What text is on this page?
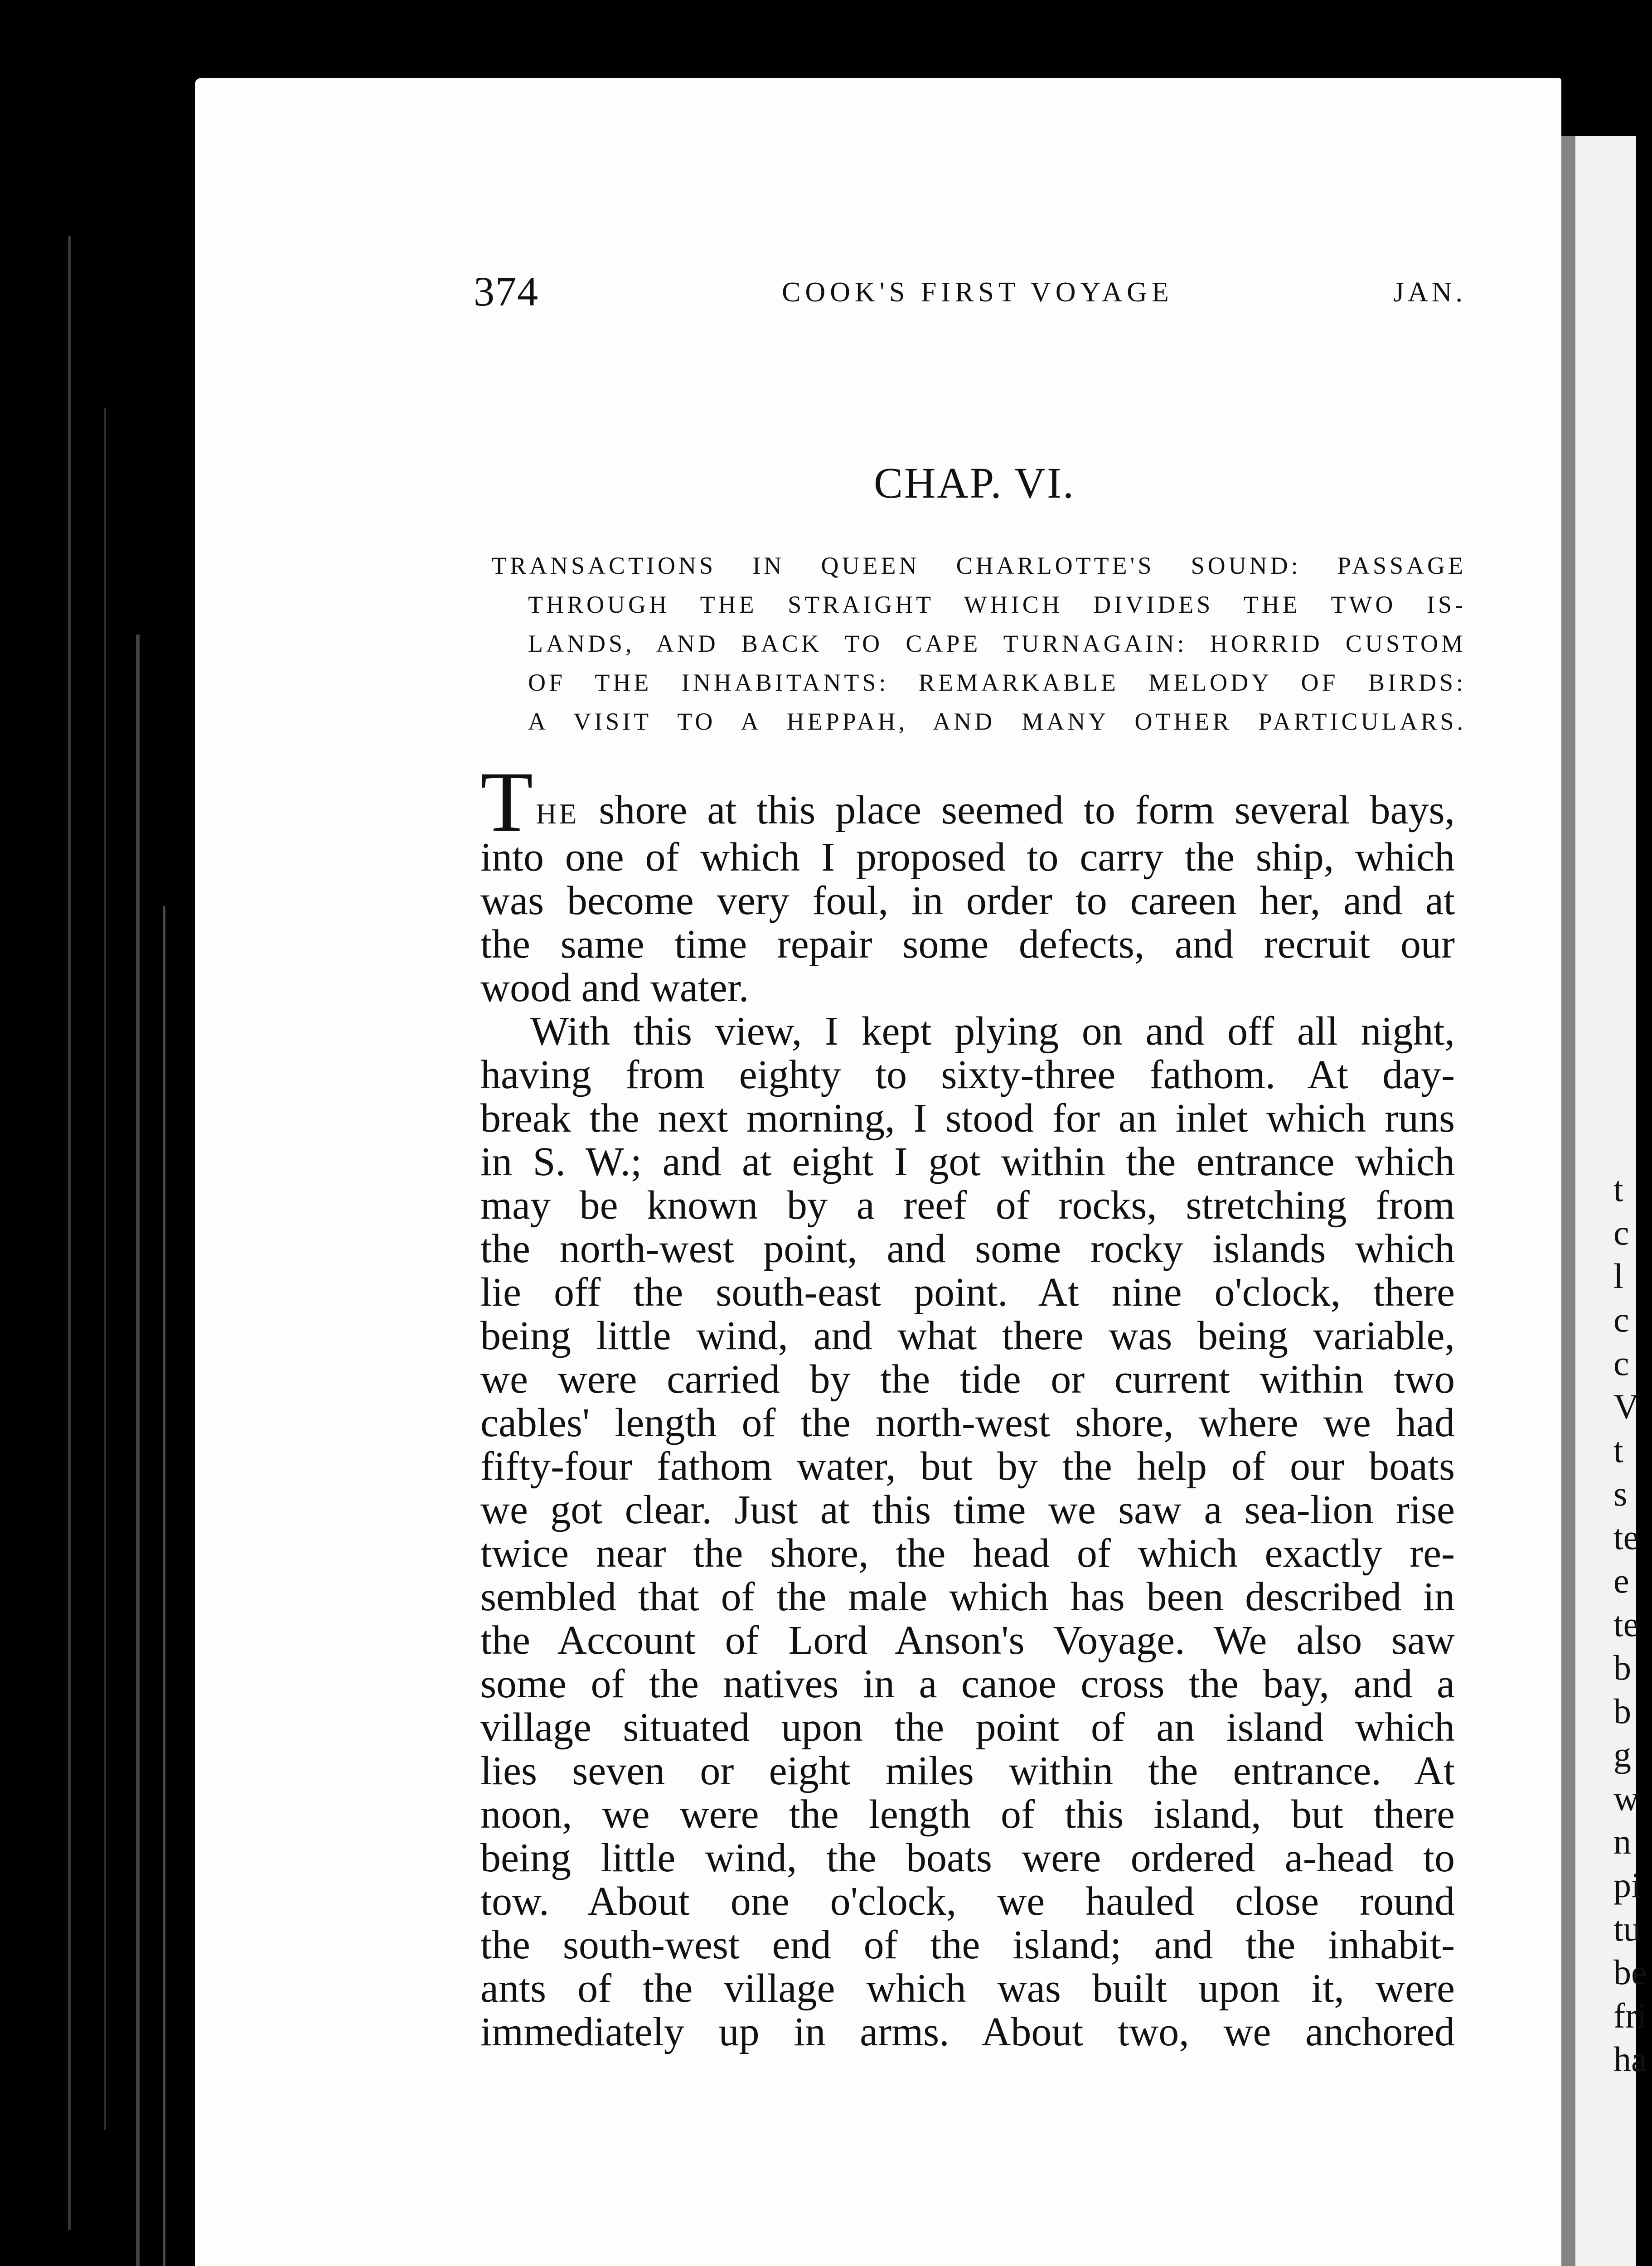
t
c
l
c
c
V
t
s
te
e
te
b
b
g
w
n
pi
tu
be
fri
ha
374	COOK'S FIRST VOYAGE	JAN.
CHAP. VI.
TRANSACTIONS IN QUEEN CHARLOTTE'S SOUND: PASSAGE
THROUGH THE STRAIGHT WHICH DIVIDES THE TWO IS-
LANDS, AND BACK TO CAPE TURNAGAIN: HORRID CUSTOM
OF THE INHABITANTS: REMARKABLE MELODY OF BIRDS:
A VISIT TO A HEPPAH, AND MANY OTHER PARTICULARS.
THE shore at this place seemed to form several bays,
into one of which I proposed to carry the ship, which
was become very foul, in order to careen her, and at
the same time repair some defects, and recruit our
wood and water.
With this view, I kept plying on and off all night,
having from eighty to sixty-three fathom. At day-
break the next morning, I stood for an inlet which runs
in S. W.; and at eight I got within the entrance which
may be known by a reef of rocks, stretching from
the north-west point, and some rocky islands which
lie off the south-east point. At nine o'clock, there
being little wind, and what there was being variable,
we were carried by the tide or current within two
cables' length of the north-west shore, where we had
fifty-four fathom water, but by the help of our boats
we got clear. Just at this time we saw a sea-lion rise
twice near the shore, the head of which exactly re-
sembled that of the male which has been described in
the Account of Lord Anson's Voyage. We also saw
some of the natives in a canoe cross the bay, and a
village situated upon the point of an island which
lies seven or eight miles within the entrance. At
noon, we were the length of this island, but there
being little wind, the boats were ordered a-head to
tow. About one o'clock, we hauled close round
the south-west end of the island; and the inhabit-
ants of the village which was built upon it, were
immediately up in arms. About two, we anchored
